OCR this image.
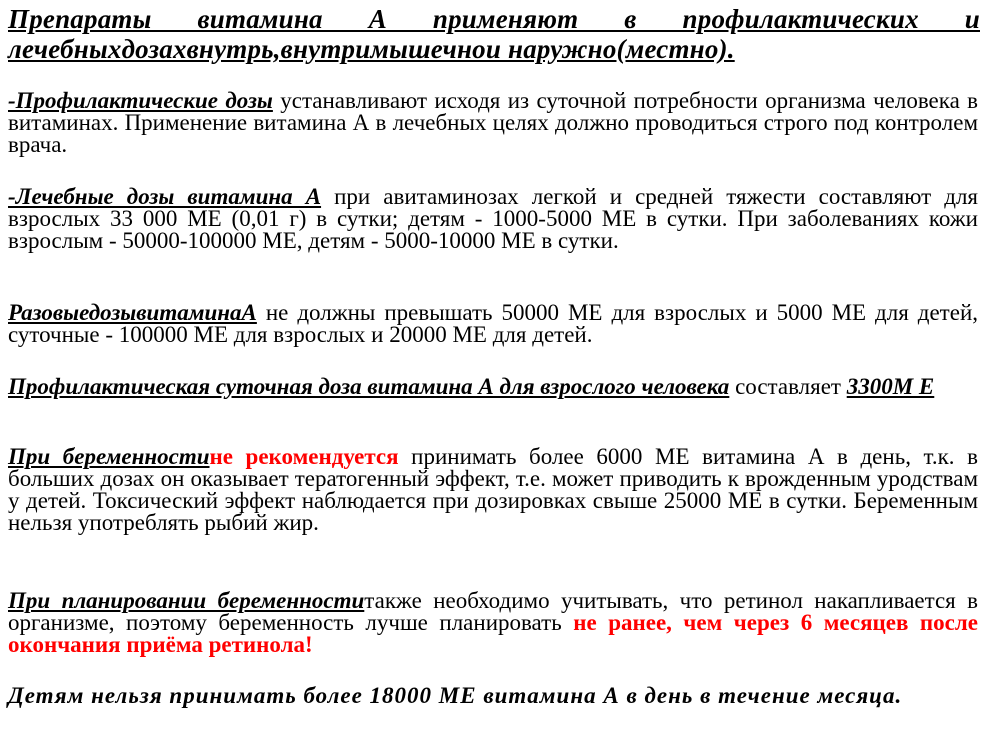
Препараты витамина А применяют в профилактических и лечебныхдозахвнутрь,внутримышечнои наружно(местно).

-Профилактические дозы устанавливают исходя из суточной потребности организма человека в витаминах. Применение витамина А в лечебных целях должно проводиться строго под контролем врача.

-Лечебные дозы витамина А при авитаминозах легкой и средней тяжести составляют для взрослых 33 000 МЕ (0,01 г) в сутки; детям - 1000-5000 МЕ в сутки. При заболеваниях кожи взрослым - 50000-100000 МЕ, детям - 5000-10000 МЕ в сутки.

РазовыедозывитаминаА не должны превышать 50000 МЕ для взрослых и 5000 МЕ для детей, суточные - 100000 МЕ для взрослых и 20000 МЕ для детей.

Профилактическая суточная доза витамина А для взрослого человека составляет 3300М Е

При беременностине рекомендуется принимать более 6000 МЕ витамина А в день, т.к. в больших дозах он оказывает тератогенный эффект, т.е. может приводить к врожденным уродствам у детей. Токсический эффект наблюдается при дозировках свыше 25000 МЕ в сутки. Беременным нельзя употреблять рыбий жир.

При планировании беременноститакже необходимо учитывать, что ретинол накапливается в организме, поэтому беременность лучше планировать не ранее, чем через 6 месяцев после окончания приёма ретинола!

Детям нельзя принимать более 18000 МЕ витамина А в день в течение месяца.
